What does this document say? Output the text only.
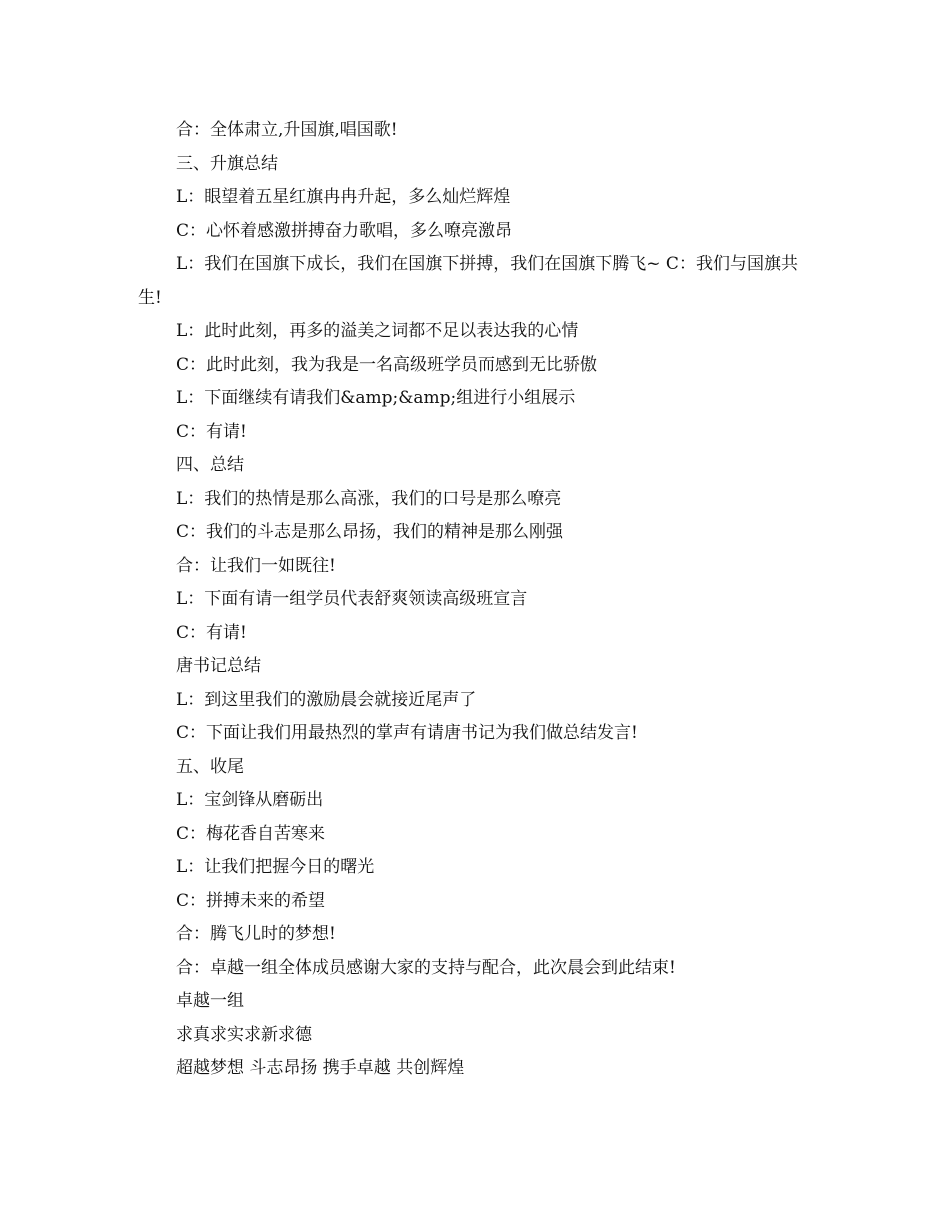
合：全体肃立,升国旗,唱国歌!

三、升旗总结

L：眼望着五星红旗冉冉升起，多么灿烂辉煌

C：心怀着感激拼搏奋力歌唱，多么嘹亮激昂

L：我们在国旗下成长，我们在国旗下拼搏，我们在国旗下腾飞~ C：我们与国旗共生!

L：此时此刻，再多的溢美之词都不足以表达我的心情

C：此时此刻，我为我是一名高级班学员而感到无比骄傲

L：下面继续有请我们&amp;&amp;组进行小组展示

C：有请!

四、总结

L：我们的热情是那么高涨，我们的口号是那么嘹亮

C：我们的斗志是那么昂扬，我们的精神是那么刚强

合：让我们一如既往!

L：下面有请一组学员代表舒爽领读高级班宣言

C：有请!

唐书记总结

L：到这里我们的激励晨会就接近尾声了

C：下面让我们用最热烈的掌声有请唐书记为我们做总结发言!

五、收尾

L：宝剑锋从磨砺出

C：梅花香自苦寒来

L：让我们把握今日的曙光

C：拼搏未来的希望

合：腾飞儿时的梦想!

合：卓越一组全体成员感谢大家的支持与配合，此次晨会到此结束!

卓越一组

求真求实求新求德

超越梦想 斗志昂扬 携手卓越 共创辉煌
